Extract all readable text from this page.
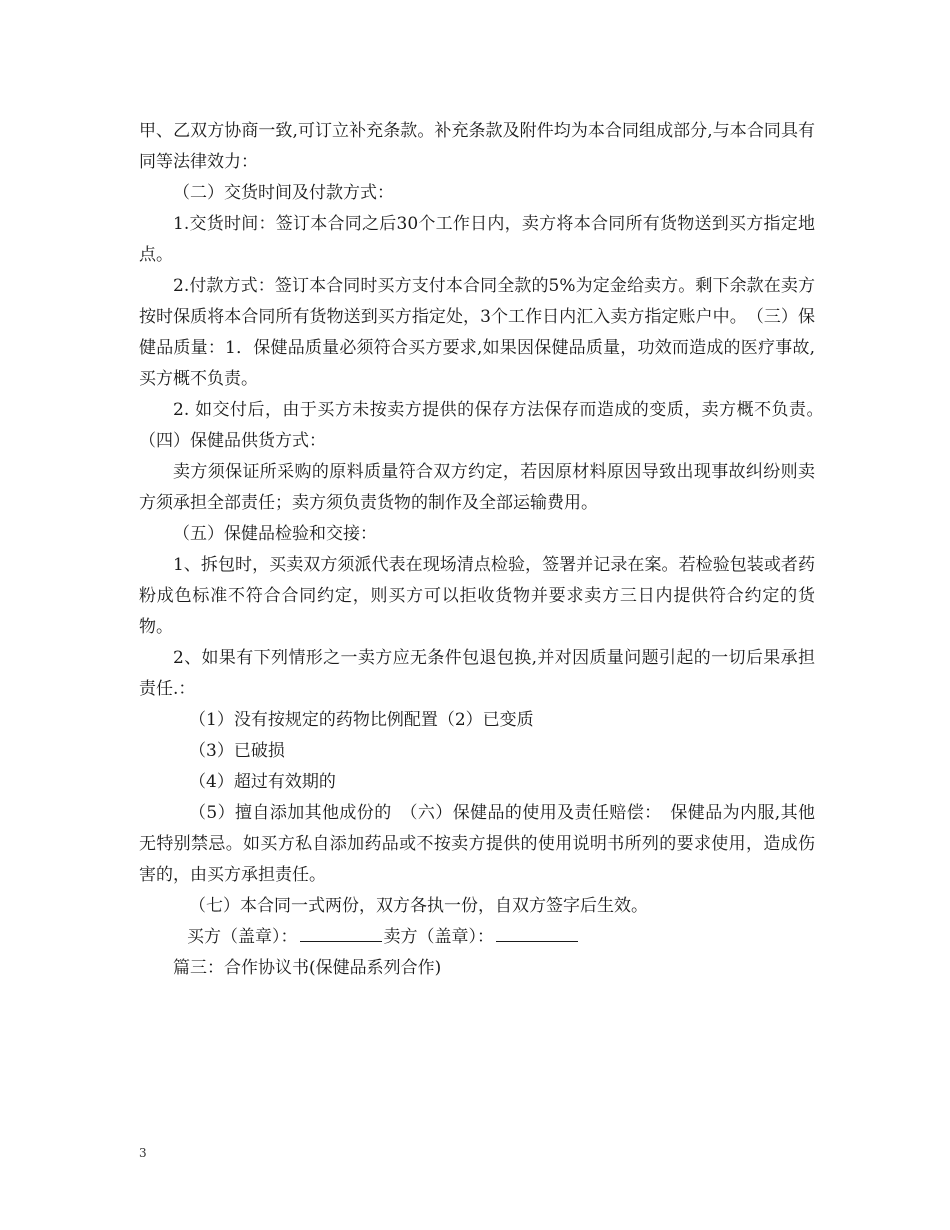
甲、乙双方协商一致,可订立补充条款。补充条款及附件均为本合同组成部分,与本合同具有同等法律效力：

（二）交货时间及付款方式：

1.交货时间：签订本合同之后30个工作日内，卖方将本合同所有货物送到买方指定地点。

2.付款方式：签订本合同时买方支付本合同全款的5%为定金给卖方。剩下余款在卖方按时保质将本合同所有货物送到买方指定处，3个工作日内汇入卖方指定账户中。　（三）保健品质量：1．保健品质量必须符合买方要求,如果因保健品质量，功效而造成的医疗事故,买方概不负责。

2. 如交付后，由于买方未按卖方提供的保存方法保存而造成的变质，卖方概不负责。　（四）保健品供货方式：

卖方须保证所采购的原料质量符合双方约定，若因原材料原因导致出现事故纠纷则卖方须承担全部责任；卖方须负责货物的制作及全部运输费用。

（五）保健品检验和交接：

1、拆包时，买卖双方须派代表在现场清点检验，签署并记录在案。若检验包装或者药粉成色标准不符合合同约定，则买方可以拒收货物并要求卖方三日内提供符合约定的货物。

2、如果有下列情形之一卖方应无条件包退包换,并对因质量问题引起的一切后果承担责任.：

（1）没有按规定的药物比例配置（2）已变质

（3）已破损

（4）超过有效期的

（5）擅自添加其他成份的　（六）保健品的使用及责任赔偿：　保健品为内服,其他无特别禁忌。如买方私自添加药品或不按卖方提供的使用说明书所列的要求使用，造成伤害的，由买方承担责任。

（七）本合同一式两份，双方各执一份，自双方签字后生效。

买方（盖章）：	卖方（盖章）：

篇三：合作协议书(保健品系列合作)

3
